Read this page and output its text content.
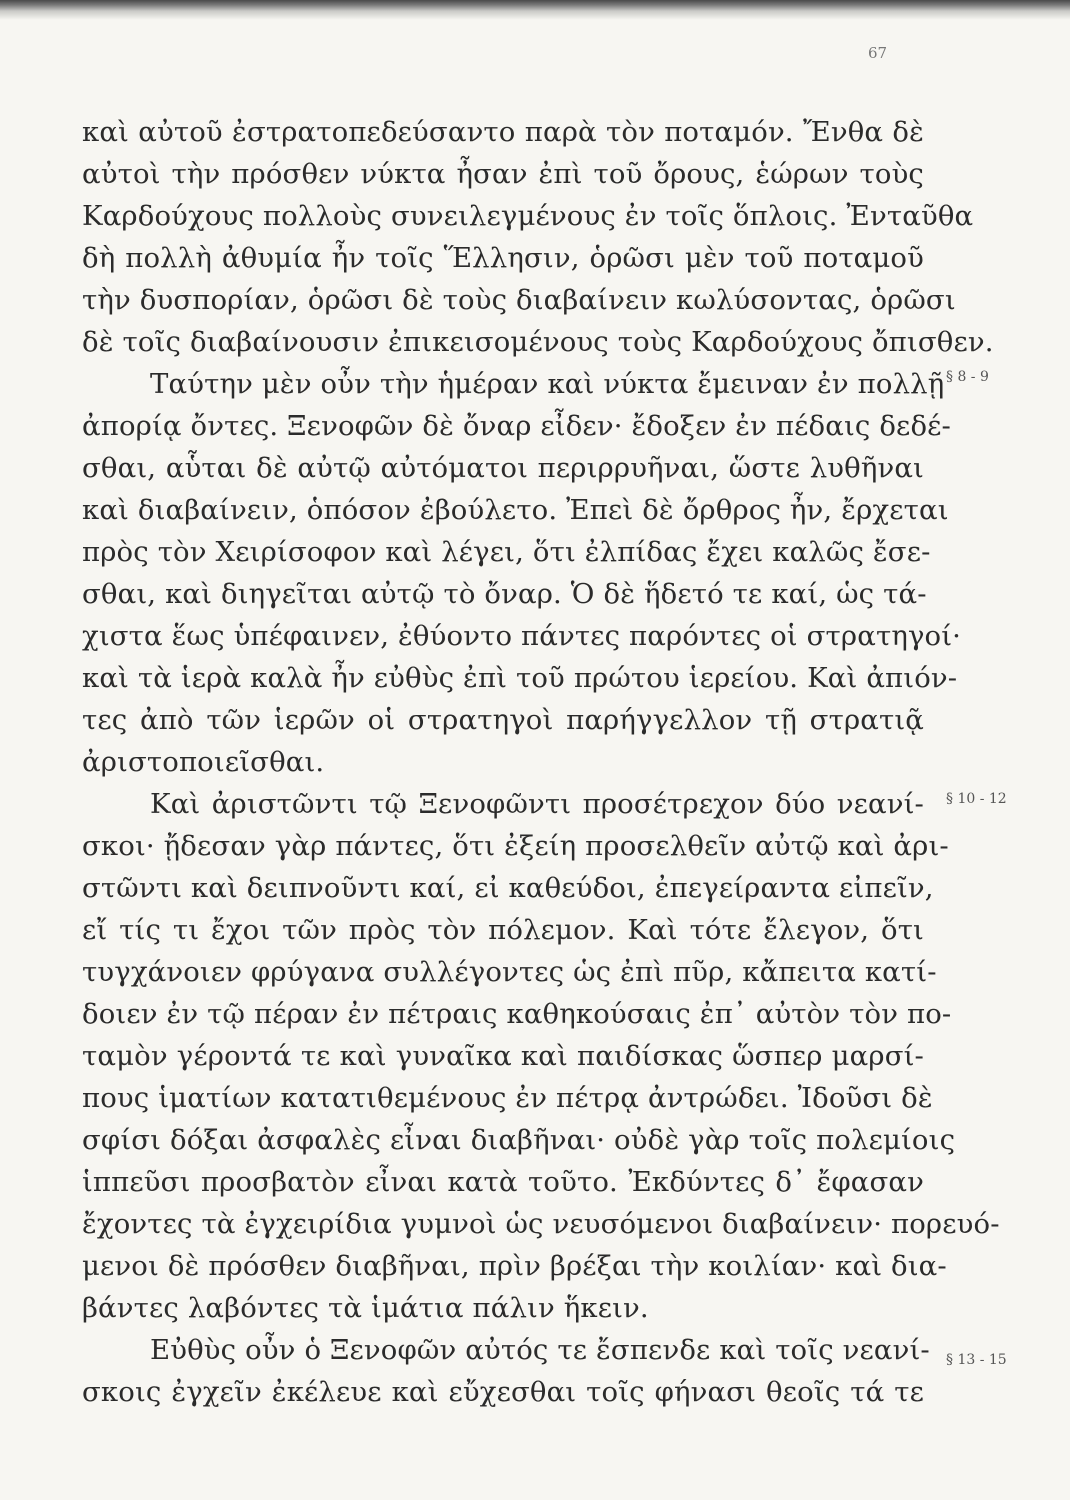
67
§ 8 - 9
§ 10 - 12
§ 13 - 15
καὶ αὐτοῦ ἐστρατοπεδεύσαντο παρὰ τὸν ποταμόν. Ἔνθα δὲ
αὐτοὶ τὴν πρόσθεν νύκτα ἦσαν ἐπὶ τοῦ ὄρους, ἑώρων τοὺς
Καρδούχους πολλοὺς συνειλεγμένους ἐν τοῖς ὅπλοις. Ἐνταῦθα
δὴ πολλὴ ἀθυμία ἦν τοῖς Ἕλλησιν, ὁρῶσι μὲν τοῦ ποταμοῦ
τὴν δυσπορίαν, ὁρῶσι δὲ τοὺς διαβαίνειν κωλύσοντας, ὁρῶσι
δὲ τοῖς διαβαίνουσιν ἐπικεισομένους τοὺς Καρδούχους ὄπισθεν.
Ταύτην μὲν οὖν τὴν ἡμέραν καὶ νύκτα ἔμειναν ἐν πολλῇ
ἀπορίᾳ ὄντες. Ξενοφῶν δὲ ὄναρ εἶδεν· ἔδοξεν ἐν πέδαις δεδέ-
σθαι, αὗται δὲ αὐτῷ αὐτόματοι περιρρυῆναι, ὥστε λυθῆναι
καὶ διαβαίνειν, ὁπόσον ἐβούλετο. Ἐπεὶ δὲ ὄρθρος ἦν, ἔρχεται
πρὸς τὸν Χειρίσοφον καὶ λέγει, ὅτι ἐλπίδας ἔχει καλῶς ἔσε-
σθαι, καὶ διηγεῖται αὐτῷ τὸ ὄναρ. Ὁ δὲ ἥδετό τε καί, ὡς τά-
χιστα ἕως ὑπέφαινεν, ἐθύοντο πάντες παρόντες οἱ στρατηγοί·
καὶ τὰ ἱερὰ καλὰ ἦν εὐθὺς ἐπὶ τοῦ πρώτου ἱερείου. Καὶ ἀπιόν-
τες ἀπὸ τῶν ἱερῶν οἱ στρατηγοὶ παρήγγελλον τῇ στρατιᾷ
ἀριστοποιεῖσθαι.
Καὶ ἀριστῶντι τῷ Ξενοφῶντι προσέτρεχον δύο νεανί-
σκοι· ᾔδεσαν γὰρ πάντες, ὅτι ἐξείη προσελθεῖν αὐτῷ καὶ ἀρι-
στῶντι καὶ δειπνοῦντι καί, εἰ καθεύδοι, ἐπεγείραντα εἰπεῖν,
εἴ τίς τι ἔχοι τῶν πρὸς τὸν πόλεμον. Καὶ τότε ἔλεγον, ὅτι
τυγχάνοιεν φρύγανα συλλέγοντες ὡς ἐπὶ πῦρ, κἄπειτα κατί-
δοιεν ἐν τῷ πέραν ἐν πέτραις καθηκούσαις ἐπ᾽ αὐτὸν τὸν πο-
ταμὸν γέροντά τε καὶ γυναῖκα καὶ παιδίσκας ὥσπερ μαρσί-
πους ἱματίων κατατιθεμένους ἐν πέτρᾳ ἀντρώδει. Ἰδοῦσι δὲ
σφίσι δόξαι ἀσφαλὲς εἶναι διαβῆναι· οὐδὲ γὰρ τοῖς πολεμίοις
ἱππεῦσι προσβατὸν εἶναι κατὰ τοῦτο. Ἐκδύντες δ᾽ ἔφασαν
ἔχοντες τὰ ἐγχειρίδια γυμνοὶ ὡς νευσόμενοι διαβαίνειν· πορευό-
μενοι δὲ πρόσθεν διαβῆναι, πρὶν βρέξαι τὴν κοιλίαν· καὶ δια-
βάντες λαβόντες τὰ ἱμάτια πάλιν ἥκειν.
Εὐθὺς οὖν ὁ Ξενοφῶν αὐτός τε ἔσπενδε καὶ τοῖς νεανί-
σκοις ἐγχεῖν ἐκέλευε καὶ εὔχεσθαι τοῖς φήνασι θεοῖς τά τε
